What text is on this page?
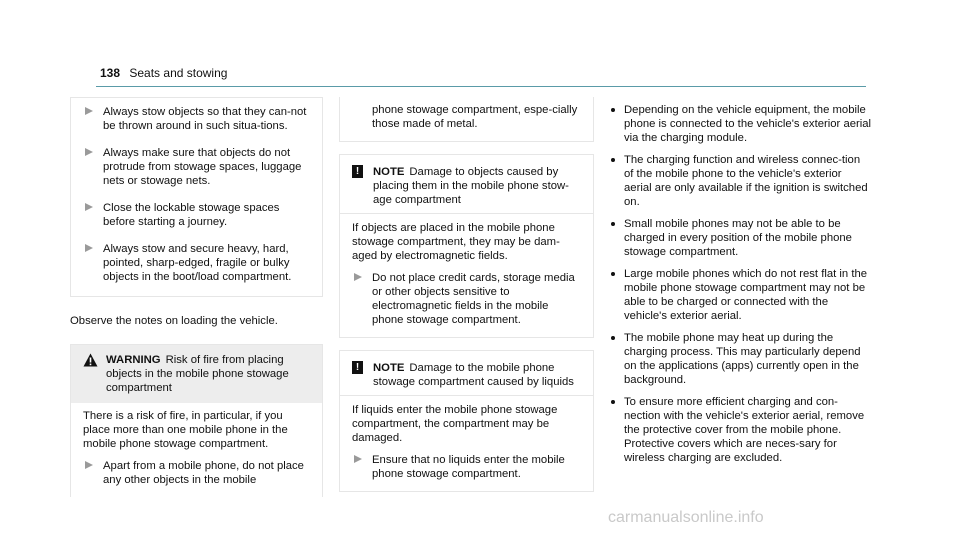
138 Seats and stowing
Always stow objects so that they can-not be thrown around in such situa-tions.
Always make sure that objects do not protrude from stowage spaces, luggage nets or stowage nets.
Close the lockable stowage spaces before starting a journey.
Always stow and secure heavy, hard, pointed, sharp-edged, fragile or bulky objects in the boot/load compartment.

Observe the notes on loading the vehicle.

WARNING Risk of fire from placing objects in the mobile phone stowage compartment

There is a risk of fire, in particular, if you place more than one mobile phone in the mobile phone stowage compartment.

Apart from a mobile phone, do not place any other objects in the mobile
phone stowage compartment, espe-cially those made of metal.
!	NOTE Damage to objects caused by placing them in the mobile phone stow-age compartment

If objects are placed in the mobile phone stowage compartment, they may be dam-aged by electromagnetic fields.

Do not place credit cards, storage media or other objects sensitive to electromagnetic fields in the mobile phone stowage compartment.
!	NOTE Damage to the mobile phone stowage compartment caused by liquids

If liquids enter the mobile phone stowage compartment, the compartment may be damaged.

Ensure that no liquids enter the mobile phone stowage compartment.
Depending on the vehicle equipment, the mobile phone is connected to the vehicle's exterior aerial via the charging module.
The charging function and wireless connec-tion of the mobile phone to the vehicle's exterior aerial are only available if the ignition is switched on.
Small mobile phones may not be able to be charged in every position of the mobile phone stowage compartment.
Large mobile phones which do not rest flat in the mobile phone stowage compartment may not be able to be charged or connected with the vehicle's exterior aerial.
The mobile phone may heat up during the charging process. This may particularly depend on the applications (apps) currently open in the background.
To ensure more efficient charging and con-nection with the vehicle's exterior aerial, remove the protective cover from the mobile phone. Protective covers which are neces-sary for wireless charging are excluded.
carmanualsonline.info
